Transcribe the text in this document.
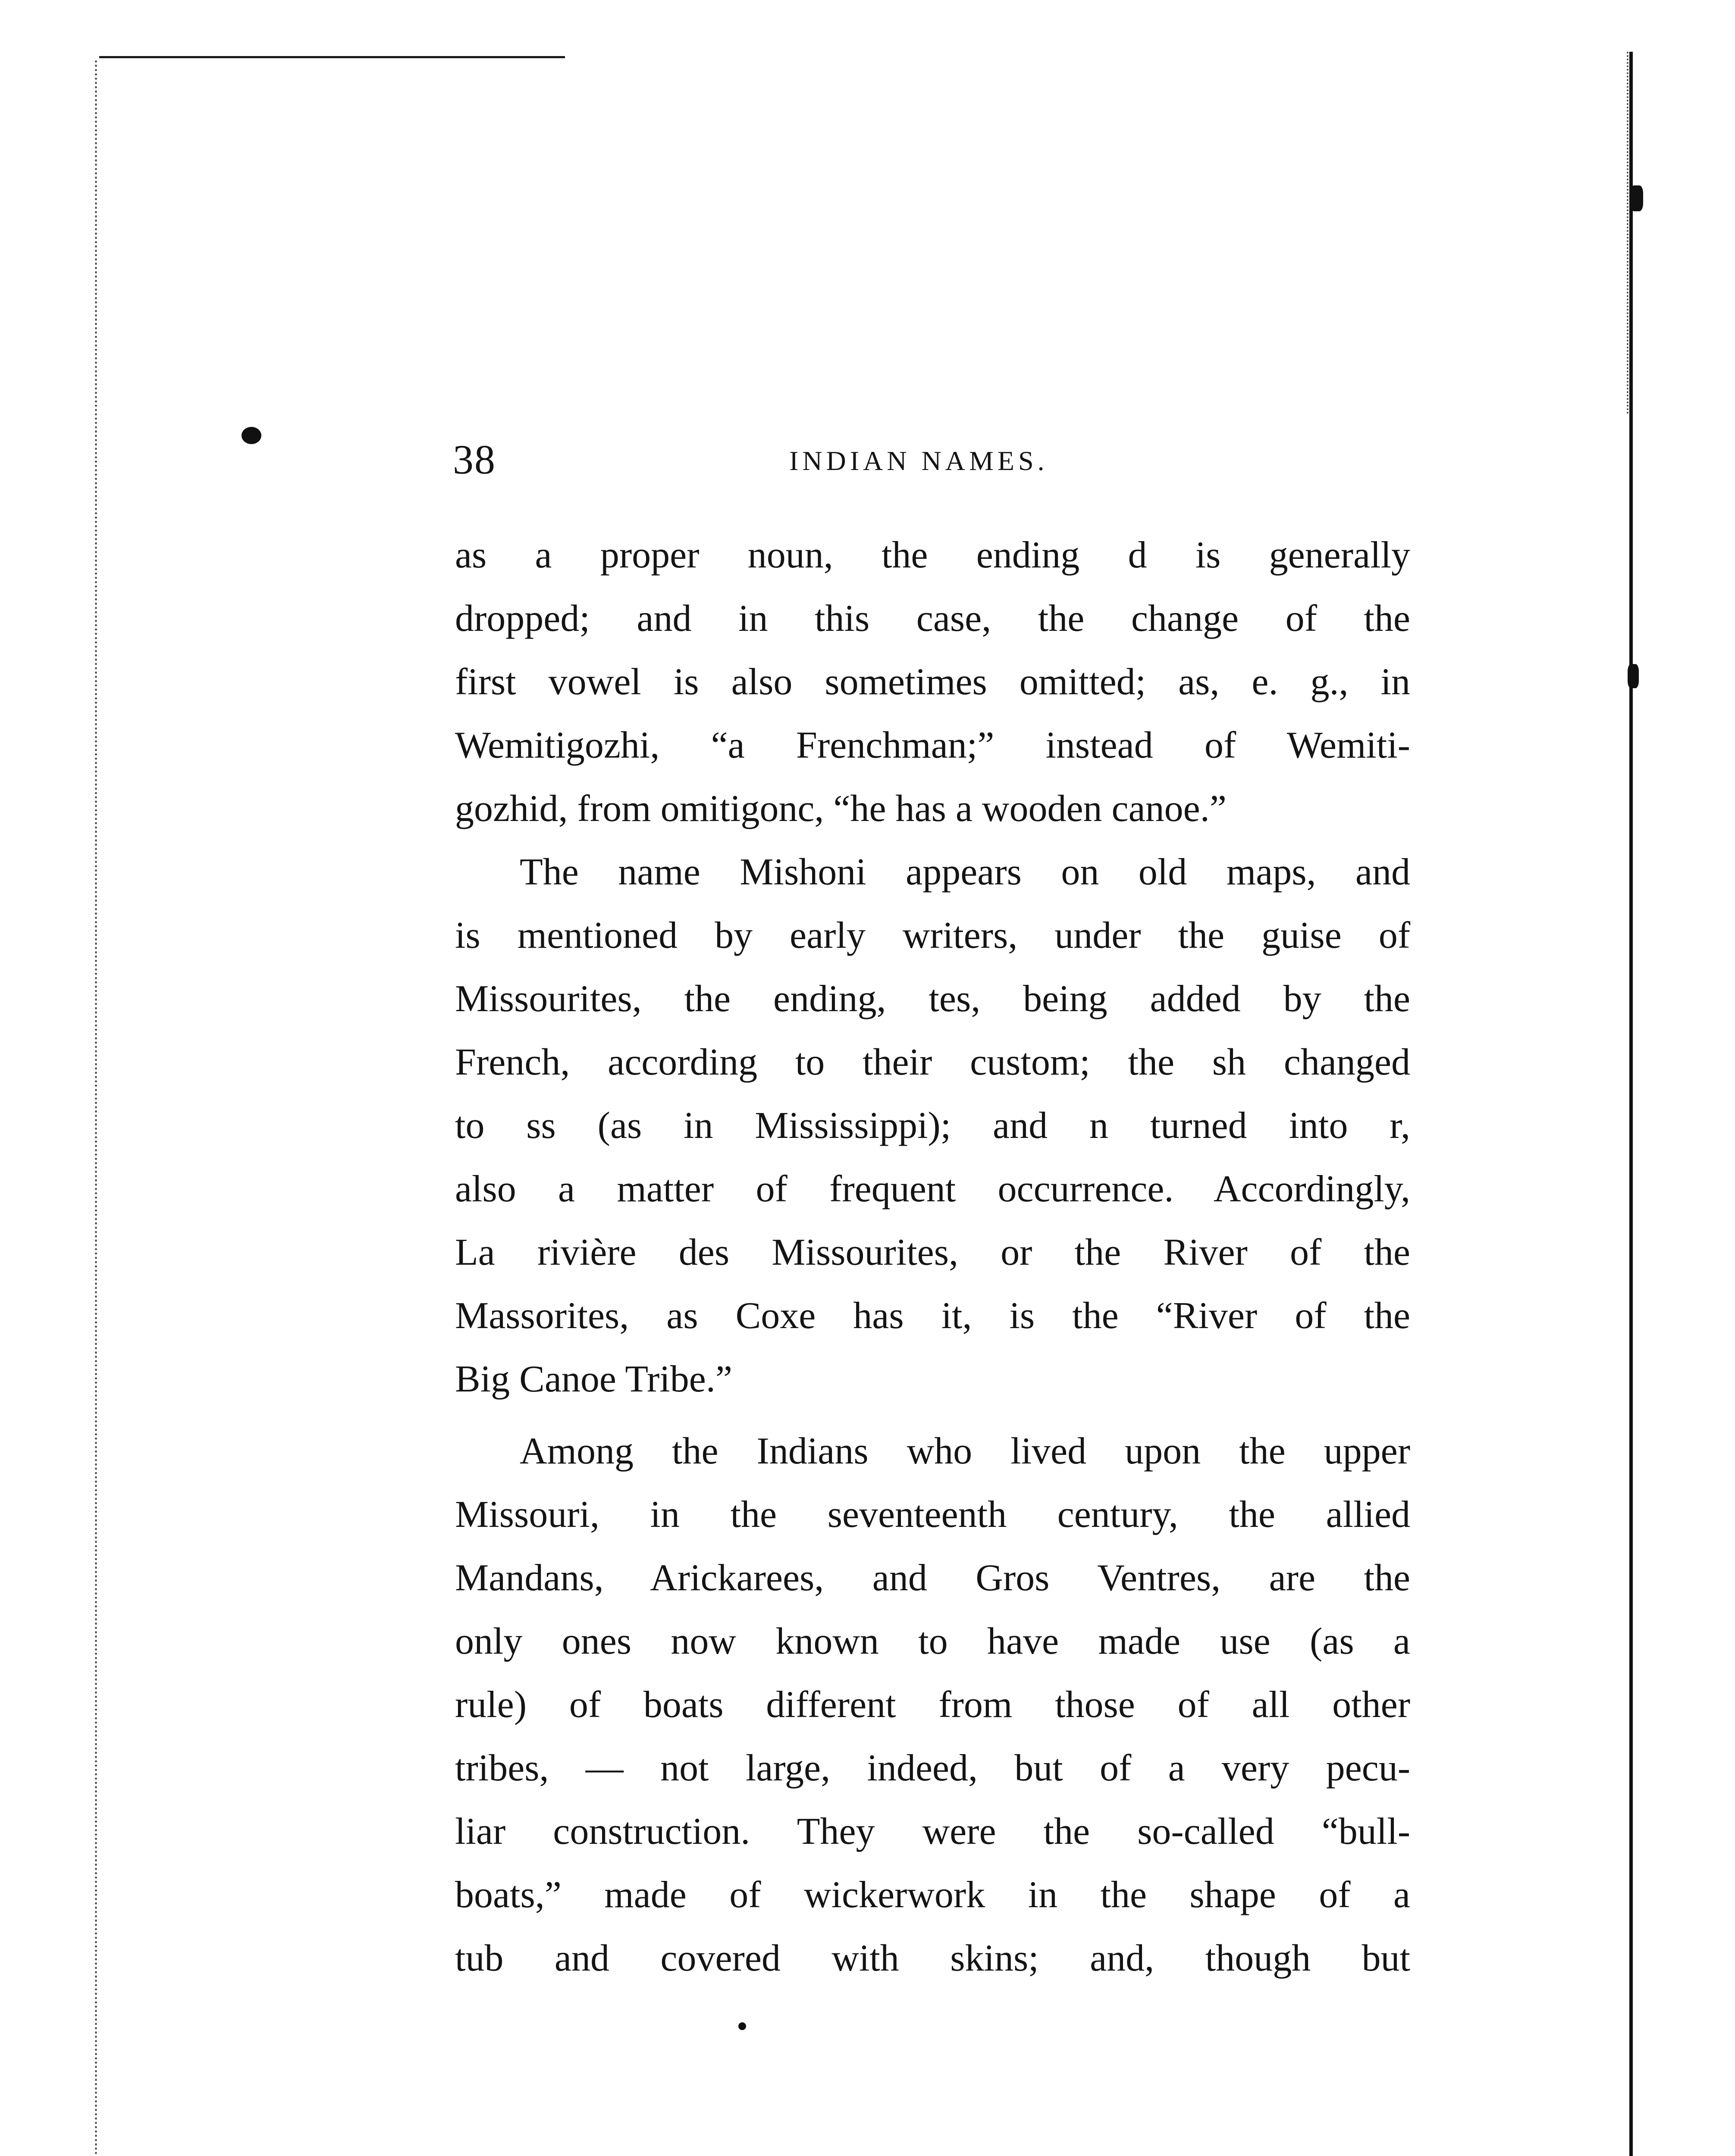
38	INDIAN NAMES.
as a proper noun, the ending d is generally
dropped; and in this case, the change of the
first vowel is also sometimes omitted; as, e. g., in
Wemitigozhi, “a Frenchman;” instead of Wemiti-
gozhid, from omitigonc, “he has a wooden canoe.”
The name Mishoni appears on old maps, and
is mentioned by early writers, under the guise of
Missourites, the ending, tes, being added by the
French, according to their custom; the sh changed
to ss (as in Mississippi); and n turned into r,
also a matter of frequent occurrence. Accordingly,
La rivière des Missourites, or the River of the
Massorites, as Coxe has it, is the “River of the
Big Canoe Tribe.”
Among the Indians who lived upon the upper
Missouri, in the seventeenth century, the allied
Mandans, Arickarees, and Gros Ventres, are the
only ones now known to have made use (as a
rule) of boats different from those of all other
tribes, — not large, indeed, but of a very pecu-
liar construction. They were the so-called “bull-
boats,” made of wickerwork in the shape of a
tub and covered with skins; and, though but
